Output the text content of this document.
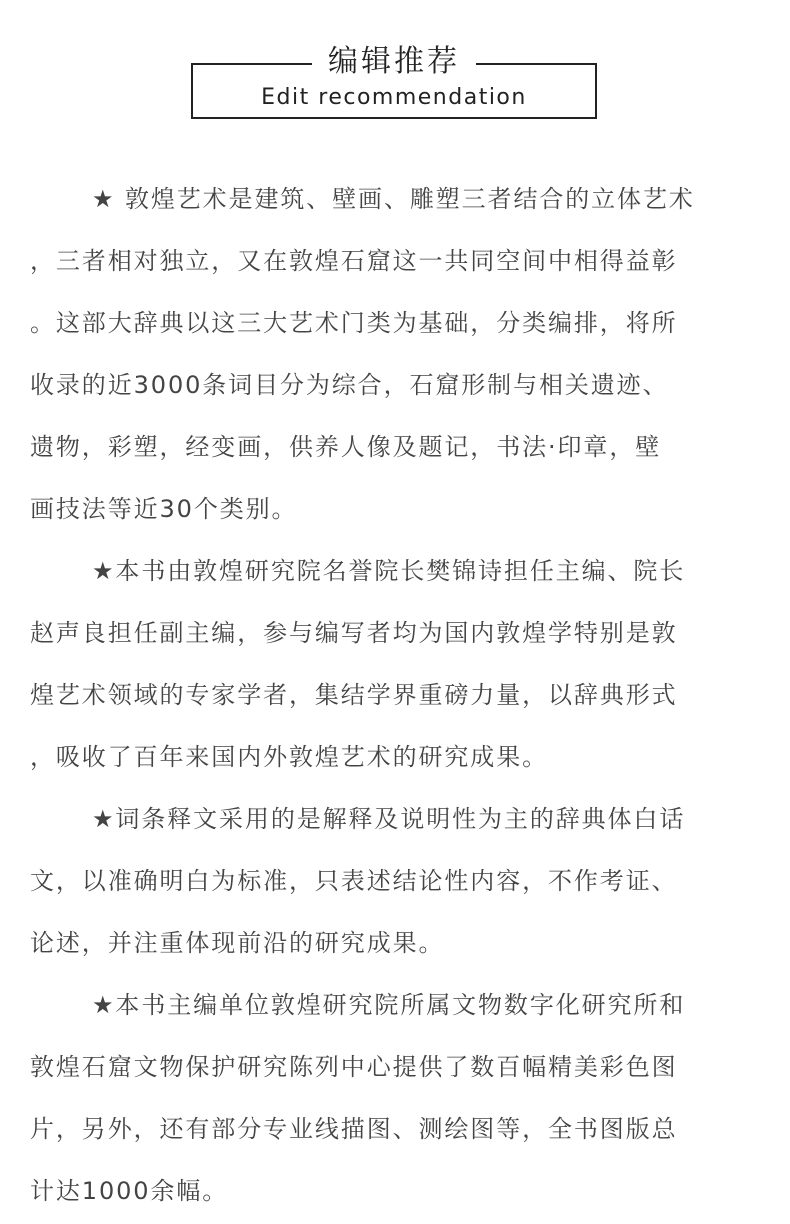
编辑推荐
Edit recommendation
★ 敦煌艺术是建筑、壁画、雕塑三者结合的立体艺术
，三者相对独立，又在敦煌石窟这一共同空间中相得益彰
。这部大辞典以这三大艺术门类为基础，分类编排，将所
收录的近3000条词目分为综合，石窟形制与相关遗迹、
遗物，彩塑，经变画，供养人像及题记，书法·印章，壁
画技法等近30个类别。
★本书由敦煌研究院名誉院长樊锦诗担任主编、院长
赵声良担任副主编，参与编写者均为国内敦煌学特别是敦
煌艺术领域的专家学者，集结学界重磅力量，以辞典形式
，吸收了百年来国内外敦煌艺术的研究成果。
★词条释文采用的是解释及说明性为主的辞典体白话
文，以准确明白为标准，只表述结论性内容，不作考证、
论述，并注重体现前沿的研究成果。
★本书主编单位敦煌研究院所属文物数字化研究所和
敦煌石窟文物保护研究陈列中心提供了数百幅精美彩色图
片，另外，还有部分专业线描图、测绘图等，全书图版总
计达1000余幅。
